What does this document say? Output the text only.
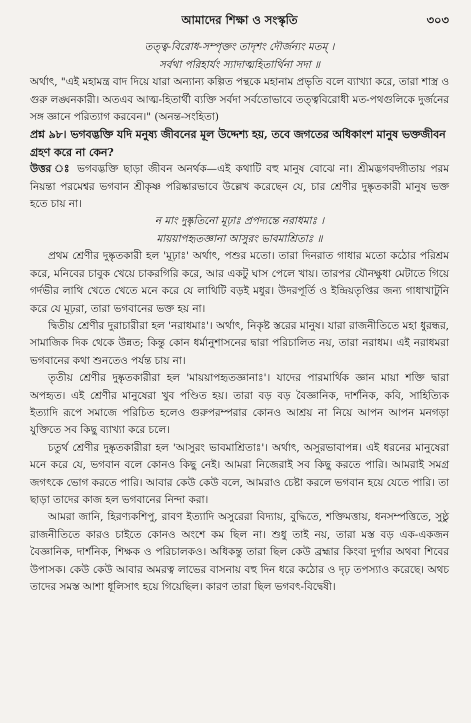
আমাদের শিক্ষা ও সংস্কৃতি	৩০৩
তত্ত্ব-বিরোধ-সম্পৃক্তং তাদৃশং দৌর্জন্যং মতম্ ।
সর্বথা পরিহার্যং স্যাদাত্মহিতার্থিনা সদা ॥

অর্থাৎ, "এই মহামন্ত্র বাদ দিয়ে যারা অন্যান্য কল্পিত পন্থকে মহানাম প্রভৃতি বলে ব্যাখ্যা করে, তারা শাস্ত্র ও গুরু লঙ্ঘনকারী। অতএব আত্ম-হিতার্থী ব্যক্তি সর্বদা সর্বতোভাবে তত্ত্ববিরোধী মত-পথগুলিকে দুর্জনের সঙ্গ জ্ঞানে পরিত্যাগ করবেন।" (অনন্ত-সংহিতা)

প্রশ্ন ৯৮। ভগবদ্ভক্তি যদি মনুষ্য জীবনের মূল উদ্দেশ্য হয়, তবে জগতের অধিকাংশ মানুষ ভক্তজীবন গ্রহণ করে না কেন?

উত্তর ঃ ভগবদ্ভক্তি ছাড়া জীবন অনর্থক—এই কথাটি বহু মানুষ বোঝে না। শ্রীমদ্ভগবদ্গীতায় পরম নিয়ন্তা পরমেশ্বর ভগবান শ্রীকৃষ্ণ পরিষ্কারভাবে উল্লেখ করেছেন যে, চার শ্রেণীর দুষ্কৃতকারী মানুষ ভক্ত হতে চায় না।

ন মাং দুষ্কৃতিনো মূঢ়াঃ প্রপদ্যন্তে নরাধমাঃ ।
মায়য়াপহৃতজ্ঞানা আসুরং ভাবমাশ্রিতাঃ ॥

প্রথম শ্রেণীর দুষ্কৃতকারী হল 'মূঢ়াঃ' অর্থাৎ, পশুর মতো। তারা দিনরাত গাধার মতো কঠোর পরিশ্রম করে, মনিবের চাবুক খেয়ে চাকরগিরি করে, আর একটু ঘাস পেলে খায়। তারপর যৌনক্ষুধা মেটাতে গিয়ে গর্দভীর লাথি খেতে খেতে মনে করে যে লাথিটি বড়ই মধুর। উদরপূর্তি ও ইন্দ্রিয়তৃপ্তির জন্য গাধাখাটুনি করে যে মূঢ়রা, তারা ভগবানের ভক্ত হয় না।

দ্বিতীয় শ্রেণীর দুরাচারীরা হল 'নরাধমাঃ'। অর্থাৎ, নিকৃষ্ট স্তরের মানুষ। যারা রাজনীতিতে মহা ধুরন্ধর, সামাজিক দিক থেকে উন্নত; কিন্তু কোন ধর্মানুশাসনের দ্বারা পরিচালিত নয়, তারা নরাধম। এই নরাধমরা ভগবানের কথা শুনতেও পর্যন্ত চায় না।

তৃতীয় শ্রেণীর দুষ্কৃতকারীরা হল 'মায়য়াপহৃতজ্ঞানাঃ'। যাদের পারমার্থিক জ্ঞান মায়া শক্তি দ্বারা অপহৃত। এই শ্রেণীর মানুষেরা খুব পণ্ডিত হয়। তারা বড় বড় বৈজ্ঞানিক, দার্শনিক, কবি, সাহিত্যিক ইত্যাদি রূপে সমাজে পরিচিত হলেও গুরুপরম্পরার কোনও আশ্রয় না নিয়ে আপন আপন মনগড়া যুক্তিতে সব কিছু ব্যাখ্যা করে চলে।

চতুর্থ শ্রেণীর দুষ্কৃতকারীরা হল 'আসুরং ভাবমাশ্রিতাঃ'। অর্থাৎ, অসুরভাবাপন্ন। এই ধরনের মানুষেরা মনে করে যে, ভগবান বলে কোনও কিছু নেই। আমরা নিজেরাই সব কিছু করতে পারি। আমরাই সমগ্র জগৎকে ভোগ করতে পারি। আবার কেউ কেউ বলে, আমরাও চেষ্টা করলে ভগবান হয়ে যেতে পারি। তা ছাড়া তাদের কাজ হল ভগবানের নিন্দা করা।

আমরা জানি, হিরণ্যকশিপু, রাবণ ইত্যাদি অসুরেরা বিদ্যায়, বুদ্ধিতে, শক্তিমত্তায়, ধনসম্পত্তিতে, সুষ্ঠু রাজনীতিতে কারও চাইতে কোনও অংশে কম ছিল না। শুধু তাই নয়, তারা মস্ত বড় এক-একজন বৈজ্ঞানিক, দার্শনিক, শিক্ষক ও পরিচালকও। অধিকন্তু তারা ছিল কেউ ব্রহ্মার কিংবা দুর্গার অথবা শিবের উপাসক। কেউ কেউ আবার অমরত্ব লাভের বাসনায় বহু দিন ধরে কঠোর ও দৃঢ় তপস্যাও করেছে। অথচ তাদের সমস্ত আশা ধূলিসাৎ হয়ে গিয়েছিল। কারণ তারা ছিল ভগবৎ-বিদ্বেষী।
